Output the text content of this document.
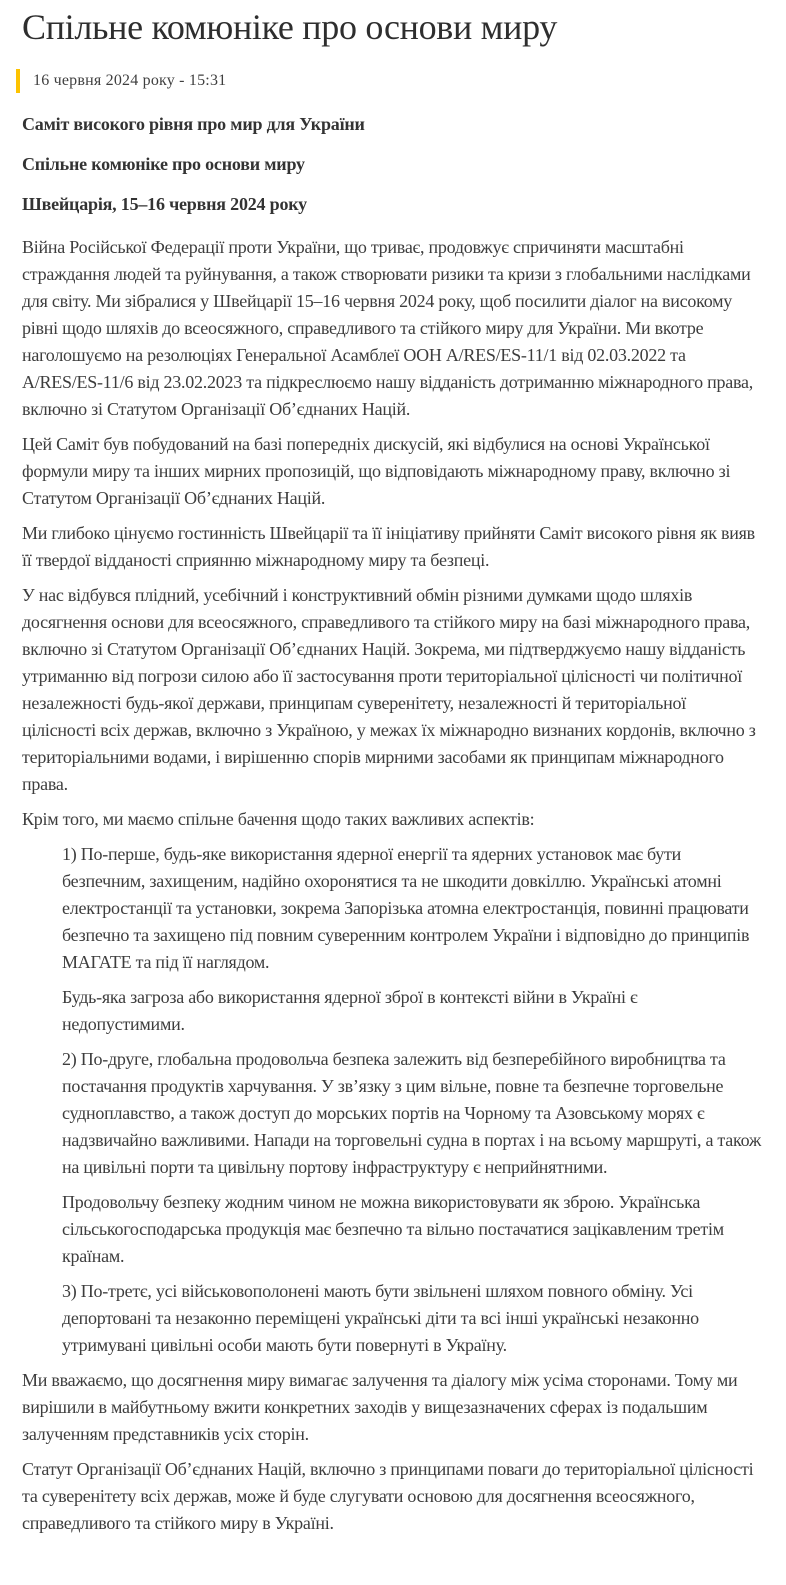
Спільне комюніке про основи миру
16 червня 2024 року - 15:31

Саміт високого рівня про мир для України

Спільне комюніке про основи миру

Швейцарія, 15–16 червня 2024 року

Війна Російської Федерації проти України, що триває, продовжує спричиняти масштабні страждання людей та руйнування, а також створювати ризики та кризи з глобальними наслідками для світу. Ми зібралися у Швейцарії 15–16 червня 2024 року, щоб посилити діалог на високому рівні щодо шляхів до всеосяжного, справедливого та стійкого миру для України. Ми вкотре наголошуємо на резолюціях Генеральної Асамблеї ООН A/RES/ES-11/1 від 02.03.2022 та A/RES/ES-11/6 від 23.02.2023 та підкреслюємо нашу відданість дотриманню міжнародного права, включно зі Статутом Організації Об’єднаних Націй.

Цей Саміт був побудований на базі попередніх дискусій, які відбулися на основі Української формули миру та інших мирних пропозицій, що відповідають міжнародному праву, включно зі Статутом Організації Об’єднаних Націй.

Ми глибоко цінуємо гостинність Швейцарії та її ініціативу прийняти Саміт високого рівня як вияв її твердої відданості сприянню міжнародному миру та безпеці.

У нас відбувся плідний, усебічний і конструктивний обмін різними думками щодо шляхів досягнення основи для всеосяжного, справедливого та стійкого миру на базі міжнародного права, включно зі Статутом Організації Об’єднаних Націй. Зокрема, ми підтверджуємо нашу відданість утриманню від погрози силою або її застосування проти територіальної цілісності чи політичної незалежності будь-якої держави, принципам суверенітету, незалежності й територіальної цілісності всіх держав, включно з Україною, у межах їх міжнародно визнаних кордонів, включно з територіальними водами, і вирішенню спорів мирними засобами як принципам міжнародного права.

Крім того, ми маємо спільне бачення щодо таких важливих аспектів:

1) По-перше, будь-яке використання ядерної енергії та ядерних установок має бути безпечним, захищеним, надійно охоронятися та не шкодити довкіллю. Українські атомні електростанції та установки, зокрема Запорізька атомна електростанція, повинні працювати безпечно та захищено під повним суверенним контролем України і відповідно до принципів МАГАТЕ та під її наглядом.

Будь-яка загроза або використання ядерної зброї в контексті війни в Україні є недопустимими.

2) По-друге, глобальна продовольча безпека залежить від безперебійного виробництва та постачання продуктів харчування. У зв’язку з цим вільне, повне та безпечне торговельне судноплавство, а також доступ до морських портів на Чорному та Азовському морях є надзвичайно важливими. Напади на торговельні судна в портах і на всьому маршруті, а також на цивільні порти та цивільну портову інфраструктуру є неприйнятними.

Продовольчу безпеку жодним чином не можна використовувати як зброю. Українська сільськогосподарська продукція має безпечно та вільно постачатися зацікавленим третім країнам.

3) По-третє, усі військовополонені мають бути звільнені шляхом повного обміну. Усі депортовані та незаконно переміщені українські діти та всі інші українські незаконно утримувані цивільні особи мають бути повернуті в Україну.

Ми вважаємо, що досягнення миру вимагає залучення та діалогу між усіма сторонами. Тому ми вирішили в майбутньому вжити конкретних заходів у вищезазначених сферах із подальшим залученням представників усіх сторін.

Статут Організації Об’єднаних Націй, включно з принципами поваги до територіальної цілісності та суверенітету всіх держав, може й буде слугувати основою для досягнення всеосяжного, справедливого та стійкого миру в Україні.
